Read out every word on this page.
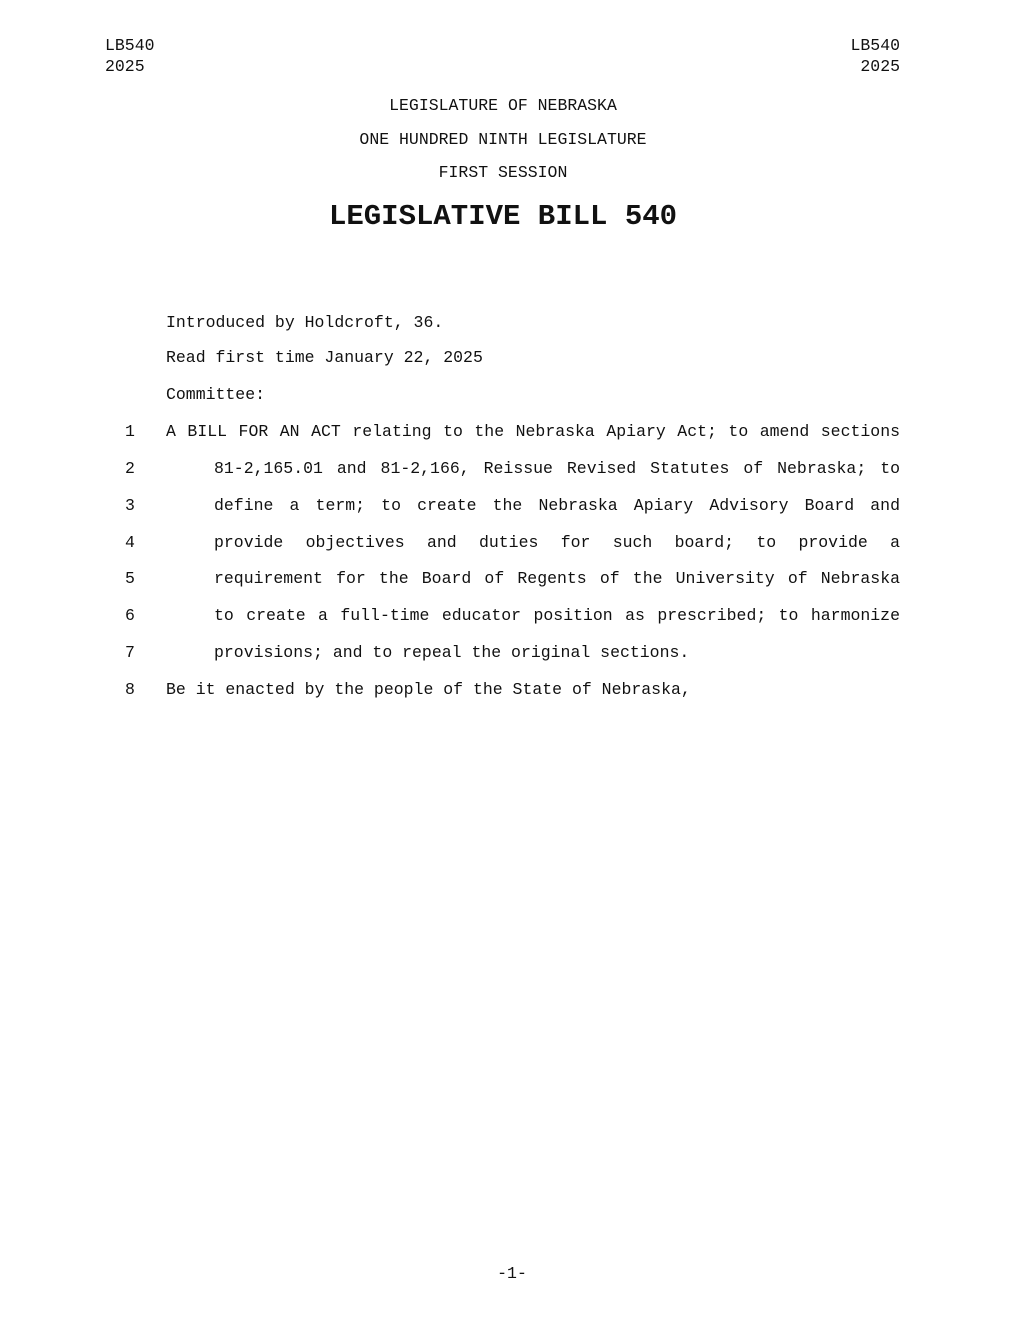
LB540
2025
LB540
2025
LEGISLATURE OF NEBRASKA
ONE HUNDRED NINTH LEGISLATURE
FIRST SESSION
LEGISLATIVE BILL 540
Introduced by Holdcroft, 36.
Read first time January 22, 2025
Committee:
1	A BILL FOR AN ACT relating to the Nebraska Apiary Act; to amend sections
2	81-2,165.01 and 81-2,166, Reissue Revised Statutes of Nebraska; to
3	define a term; to create the Nebraska Apiary Advisory Board and
4	provide objectives and duties for such board; to provide a
5	requirement for the Board of Regents of the University of Nebraska
6	to create a full-time educator position as prescribed; to harmonize
7	provisions; and to repeal the original sections.
8	Be it enacted by the people of the State of Nebraska,
-1-
